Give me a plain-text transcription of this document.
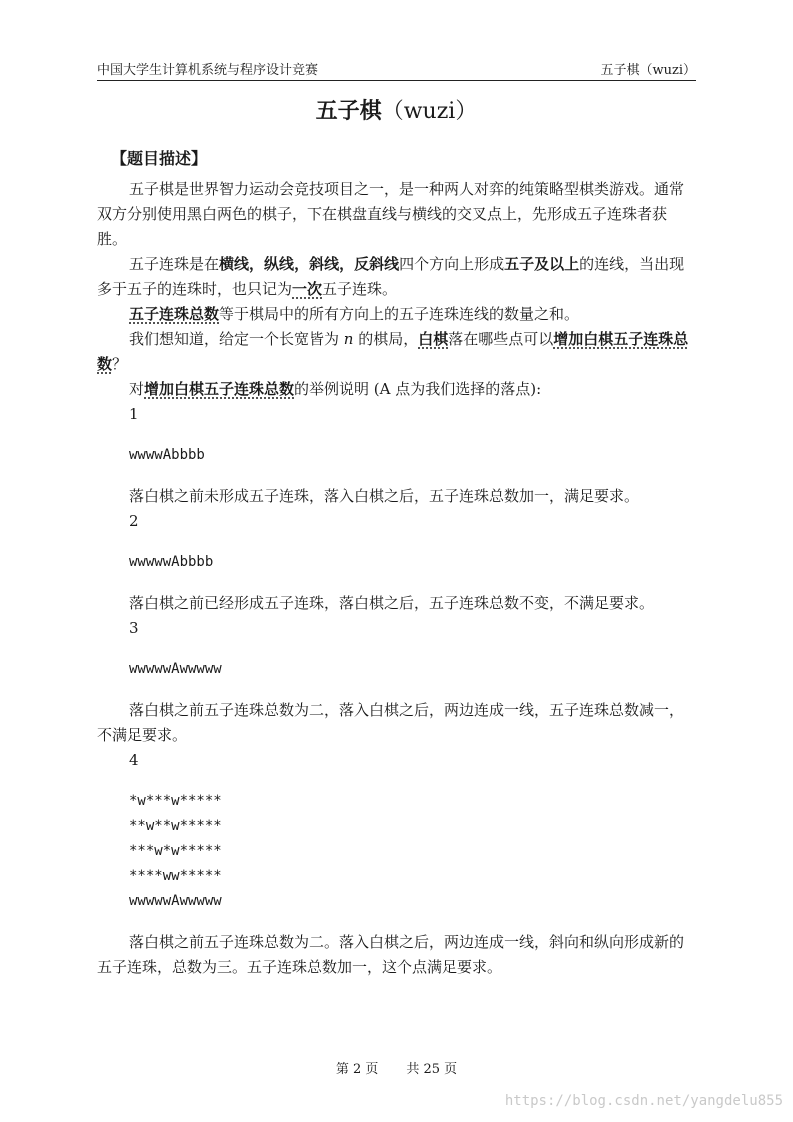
中国大学生计算机系统与程序设计竞赛	五子棋（wuzi）
五子棋（wuzi）
【题目描述】

五子棋是世界智力运动会竞技项目之一，是一种两人对弈的纯策略型棋类游戏。通常双方分别使用黑白两色的棋子，下在棋盘直线与横线的交叉点上，先形成五子连珠者获胜。

五子连珠是在横线，纵线，斜线，反斜线四个方向上形成五子及以上的连线，当出现多于五子的连珠时，也只记为一次五子连珠。

五子连珠总数等于棋局中的所有方向上的五子连珠连线的数量之和。

我们想知道，给定一个长宽皆为 n 的棋局，白棋落在哪些点可以增加白棋五子连珠总数？

对增加白棋五子连珠总数的举例说明 (A 点为我们选择的落点):

1

wwwwAbbbb

落白棋之前未形成五子连珠，落入白棋之后，五子连珠总数加一，满足要求。

2

wwwwwAbbbb

落白棋之前已经形成五子连珠，落白棋之后，五子连珠总数不变，不满足要求。

3

wwwwwAwwwww

落白棋之前五子连珠总数为二，落入白棋之后，两边连成一线，五子连珠总数减一，不满足要求。

4

*w***w*****

**w**w*****

***w*w*****

****ww*****

wwwwwAwwwww

落白棋之前五子连珠总数为二。落入白棋之后，两边连成一线，斜向和纵向形成新的五子连珠，总数为三。五子连珠总数加一，这个点满足要求。

第 2 页 共 25 页
https://blog.csdn.net/yangdelu855
